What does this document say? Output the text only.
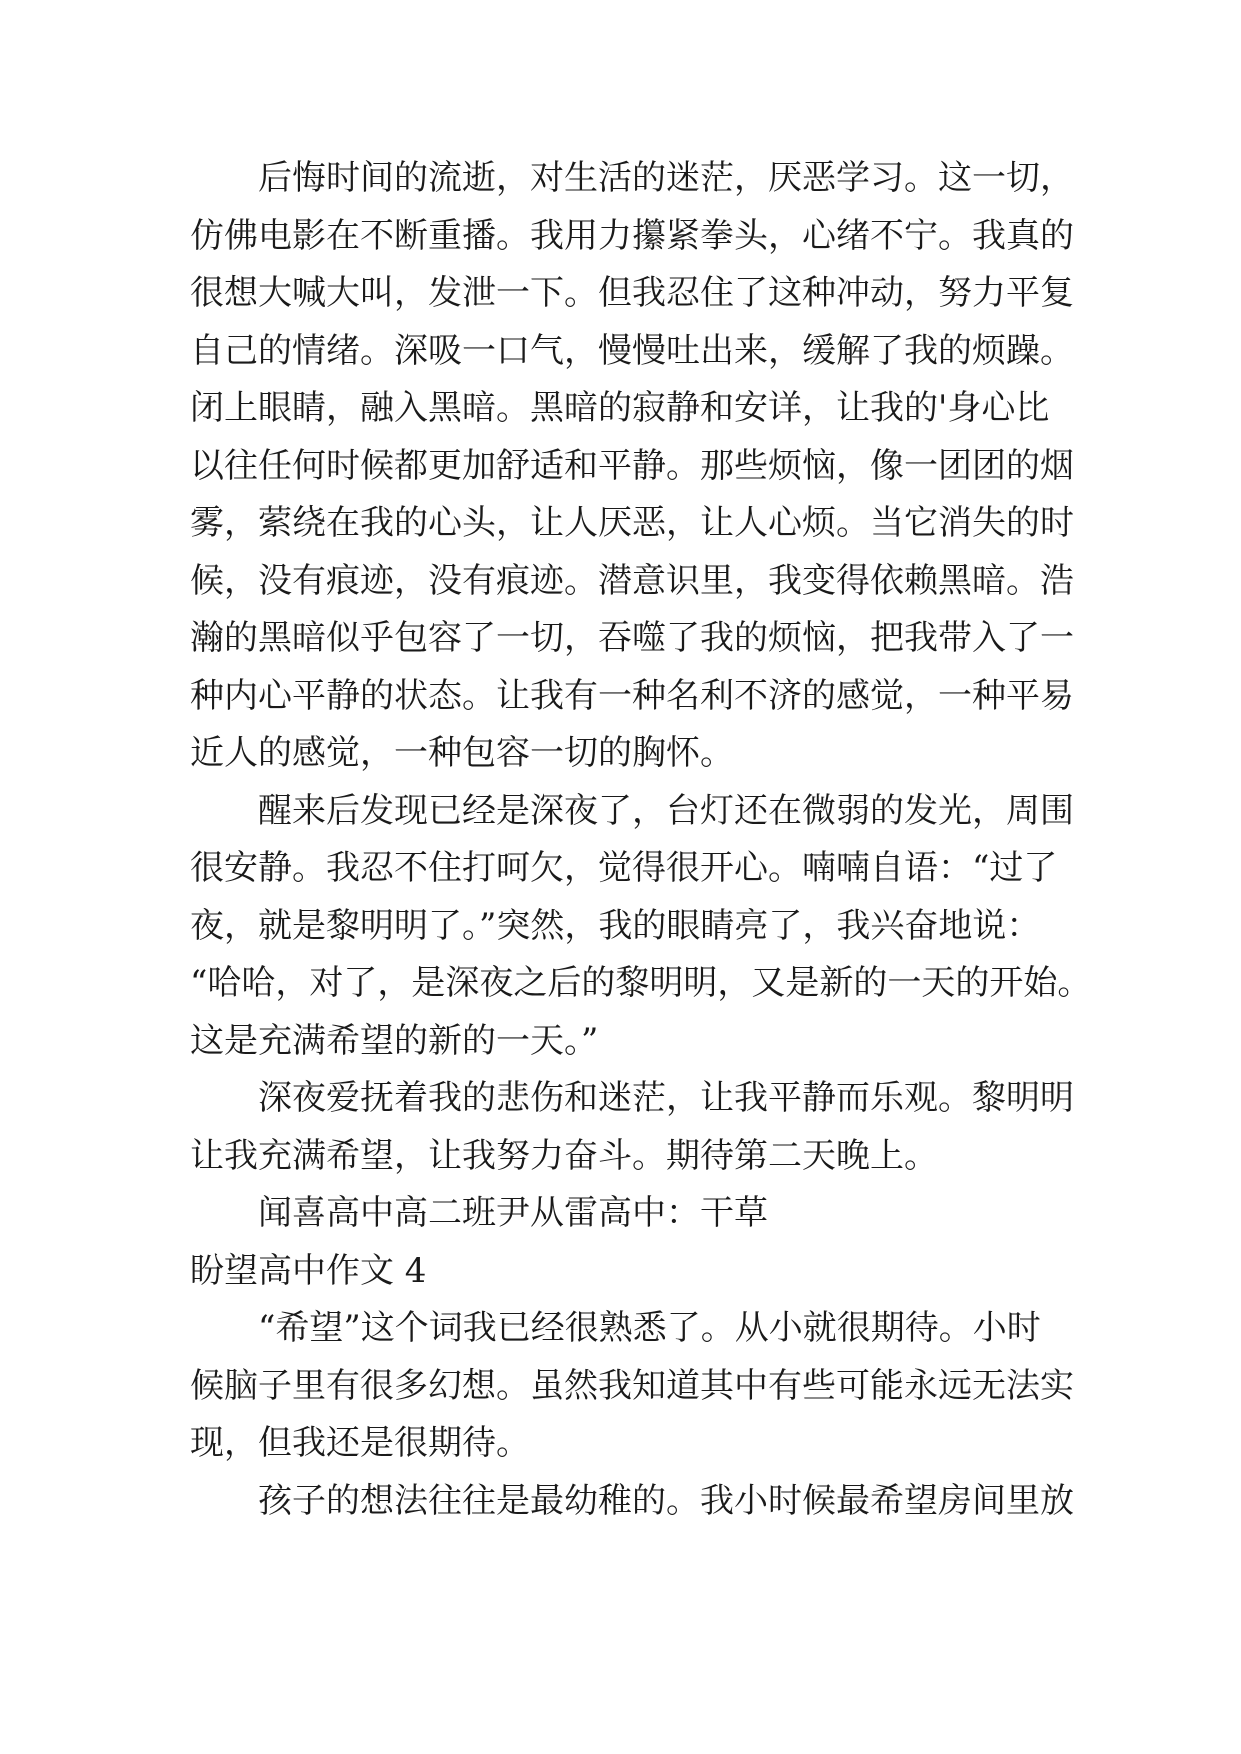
后悔时间的流逝，对生活的迷茫，厌恶学习。这一切，
仿佛电影在不断重播。我用力攥紧拳头，心绪不宁。我真的
很想大喊大叫，发泄一下。但我忍住了这种冲动，努力平复
自己的情绪。深吸一口气，慢慢吐出来，缓解了我的烦躁。
闭上眼睛，融入黑暗。黑暗的寂静和安详，让我的'身心比
以往任何时候都更加舒适和平静。那些烦恼，像一团团的烟
雾，萦绕在我的心头，让人厌恶，让人心烦。当它消失的时
候，没有痕迹，没有痕迹。潜意识里，我变得依赖黑暗。浩
瀚的黑暗似乎包容了一切，吞噬了我的烦恼，把我带入了一
种内心平静的状态。让我有一种名利不济的感觉，一种平易
近人的感觉，一种包容一切的胸怀。
醒来后发现已经是深夜了，台灯还在微弱的发光，周围
很安静。我忍不住打呵欠，觉得很开心。喃喃自语：“过了
夜，就是黎明明了。”突然，我的眼睛亮了，我兴奋地说：
“哈哈，对了，是深夜之后的黎明明，又是新的一天的开始。
这是充满希望的新的一天。”
深夜爱抚着我的悲伤和迷茫，让我平静而乐观。黎明明
让我充满希望，让我努力奋斗。期待第二天晚上。
闻喜高中高二班尹从雷高中：干草
盼望高中作文 4
“希望”这个词我已经很熟悉了。从小就很期待。小时
候脑子里有很多幻想。虽然我知道其中有些可能永远无法实
现，但我还是很期待。
孩子的想法往往是最幼稚的。我小时候最希望房间里放
